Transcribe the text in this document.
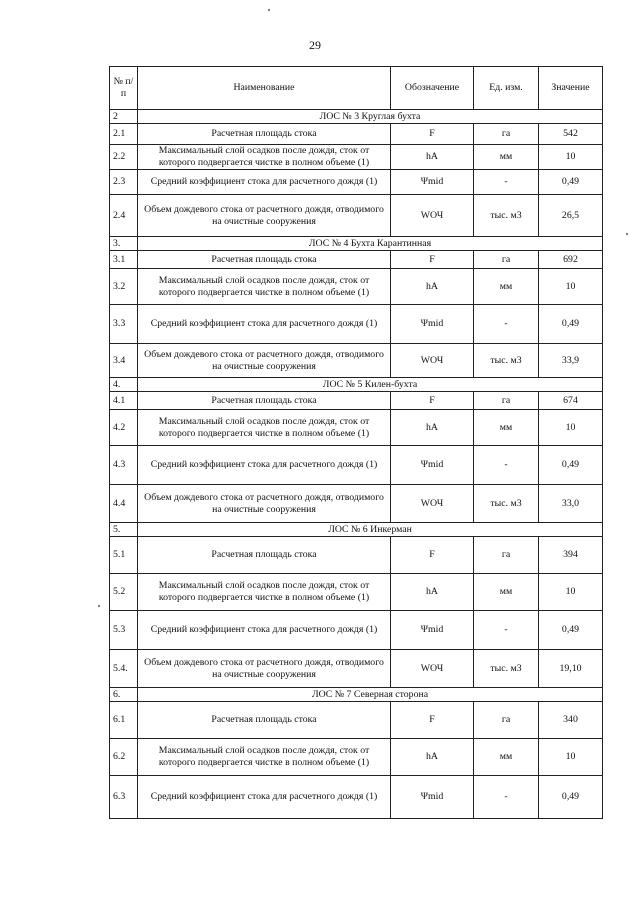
29
№ п/п	Наименование	Обозначение	Ед. изм.	Значение
2	ЛОС № 3 Круглая бухта			
2.1	Расчетная площадь стока	F	га	542
2.2	Максимальный слой осадков после дождя, сток от которого подвергается чистке в полном объеме (1)	hA	мм	10
2.3	Средний коэффициент стока для расчетного дождя (1)	Ψmid	-	0,49
2.4	Объем дождевого стока от расчетного дождя, отводимого на очистные сооружения	WОЧ	тыс. м3	26,5
3.	ЛОС № 4 Бухта Карантинная			
3.1	Расчетная площадь стока	F	га	692
3.2	Максимальный слой осадков после дождя, сток от которого подвергается чистке в полном объеме (1)	hA	мм	10
3.3	Средний коэффициент стока для расчетного дождя (1)	Ψmid	-	0,49
3.4	Объем дождевого стока от расчетного дождя, отводимого на очистные сооружения	WОЧ	тыс. м3	33,9
4.	ЛОС № 5 Килен-бухта			
4.1	Расчетная площадь стока	F	га	674
4.2	Максимальный слой осадков после дождя, сток от которого подвергается чистке в полном объеме (1)	hA	мм	10
4.3	Средний коэффициент стока для расчетного дождя (1)	Ψmid	-	0,49
4.4	Объем дождевого стока от расчетного дождя, отводимого на очистные сооружения	WОЧ	тыс. м3	33,0
5.	ЛОС № 6 Инкерман			
5.1	Расчетная площадь стока	F	га	394
5.2	Максимальный слой осадков после дождя, сток от которого подвергается чистке в полном объеме (1)	hA	мм	10
5.3	Средний коэффициент стока для расчетного дождя (1)	Ψmid	-	0,49
5.4.	Объем дождевого стока от расчетного дождя, отводимого на очистные сооружения	WОЧ	тыс. м3	19,10
6.	ЛОС № 7 Северная сторона			
6.1	Расчетная площадь стока	F	га	340
6.2	Максимальный слой осадков после дождя, сток от которого подвергается чистке в полном объеме (1)	hA	мм	10
6.3	Средний коэффициент стока для расчетного дождя (1)	Ψmid	-	0,49
